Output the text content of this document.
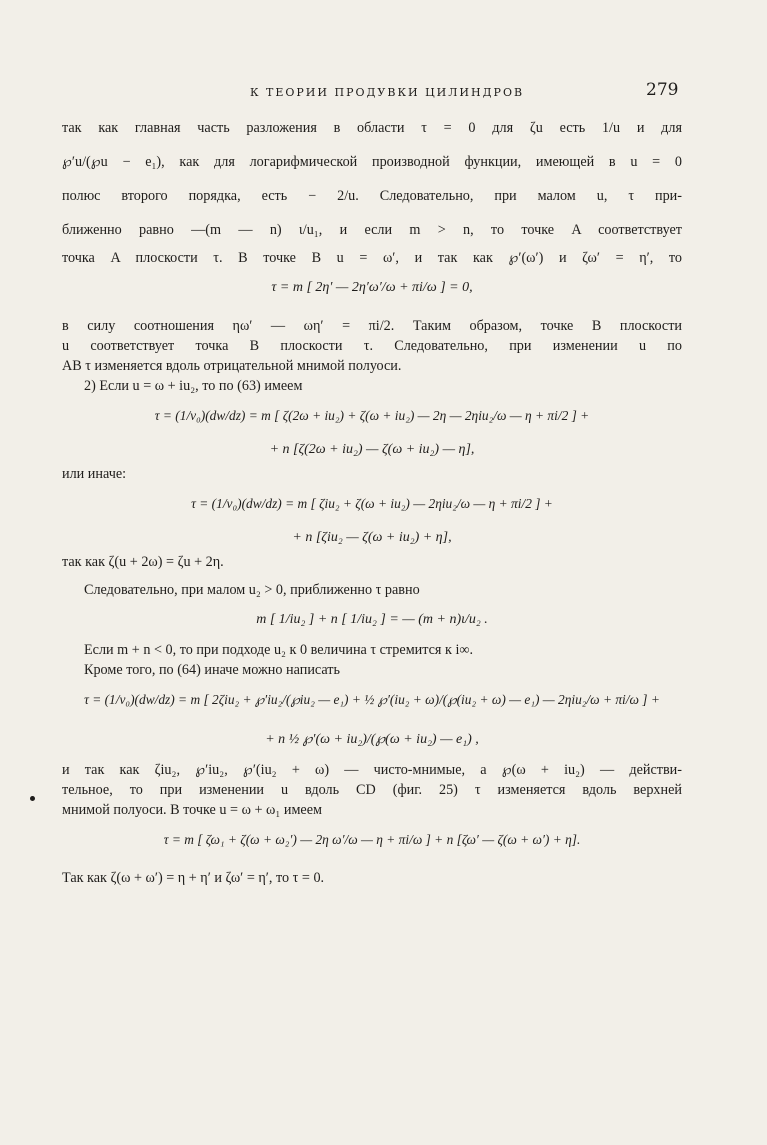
К ТЕОРИИ ПРОДУВКИ ЦИЛИНДРОВ	279

так как главная часть разложения в области τ = 0 для ζu есть 1/u и для

℘′u/(℘u − e₁), как для логарифмической производной функции, имеющей в u = 0

полюс второго порядка, есть − 2/u. Следовательно, при малом u, τ при-

ближенно равно —(m — n) ι/u₁, и если m > n, то точке A соответствует

точка A плоскости τ. В точке B u = ω′, и так как ℘′(ω′) и ζω′ = η′, то

τ = m [ 2η′ — 2η′ω′/ω + πi/ω ] = 0,

в силу соотношения ηω′ — ωη′ = πi/2. Таким образом, точке B плоскости

u соответствует точка B плоскости τ. Следовательно, при изменении u по

AB τ изменяется вдоль отрицательной мнимой полуоси.

2) Если u = ω + iu₂, то по (63) имеем

τ = (1/v₀)(dw/dz) = m [ ζ(2ω + iu₂) + ζ(ω + iu₂) — 2η — 2ηiu₂/ω — η + πi/2 ] +

+ n [ζ(2ω + iu₂) — ζ(ω + iu₂) — η],

или иначе:

τ = (1/v₀)(dw/dz) = m [ ζiu₂ + ζ(ω + iu₂) — 2ηiu₂/ω — η + πi/2 ] +

+ n [ζiu₂ — ζ(ω + iu₂) + η],

так как ζ(u + 2ω) = ζu + 2η.

Следовательно, при малом u₂ > 0, приближенно τ равно

m [ 1/iu₂ ] + n [ 1/iu₂ ] = — (m + n)ι/u₂ .

Если m + n < 0, то при подходе u₂ к 0 величина τ стремится к i∞.

Кроме того, по (64) иначе можно написать

τ = (1/v₀)(dw/dz) = m [ 2ζiu₂ + ℘′iu₂/(℘iu₂ — e₁) + ½ ℘′(iu₂ + ω)/(℘(iu₂ + ω) — e₁) — 2ηiu₂/ω + πi/ω ] +

+ n ½ ℘′(ω + iu₂)/(℘(ω + iu₂) — e₁) ,

и так как ζiu₂, ℘′iu₂, ℘′(iu₂ + ω) — чисто-мнимые, а ℘(ω + iu₂) — действи-

тельное, то при изменении u вдоль CD (фиг. 25) τ изменяется вдоль верхней

мнимой полуоси. В точке u = ω + ω₁ имеем

τ = m [ ζω₁ + ζ(ω + ω₂′) — 2η ω′/ω — η + πi/ω ] + n [ζω′ — ζ(ω + ω′) + η].

Так как ζ(ω + ω′) = η + η′ и ζω′ = η′, то τ = 0.
